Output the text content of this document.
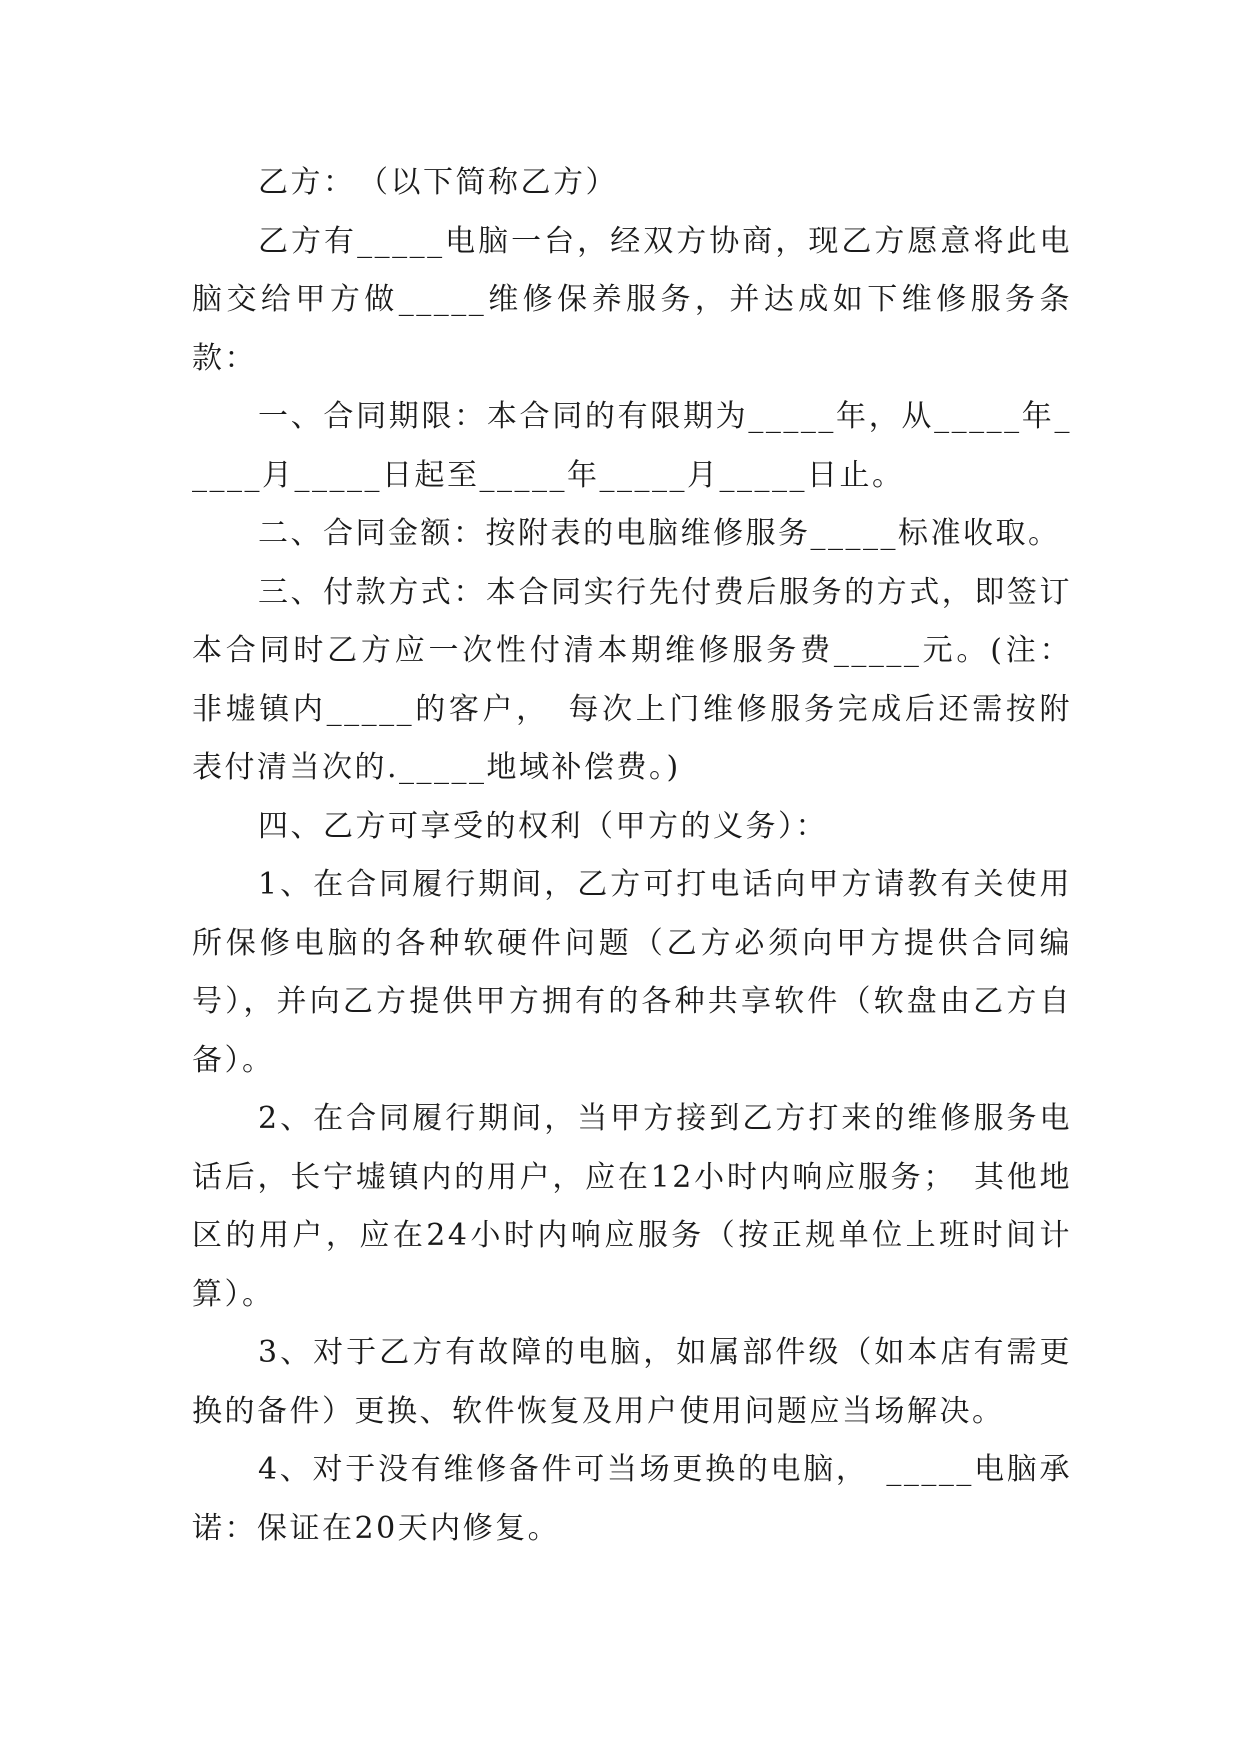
乙方：　（以下简称乙方）

乙方有_____电脑一台，经双方协商，现乙方愿意将此电脑交给甲方做_____维修保养服务，并达成如下维修服务条款：

一、合同期限：本合同的有限期为_____年，从_____年_____月_____日起至_____年_____月_____日止。

二、合同金额：按附表的电脑维修服务_____标准收取。

三、付款方式：本合同实行先付费后服务的方式，即签订本合同时乙方应一次性付清本期维修服务费_____元。(注：非墟镇内_____的客户，　每次上门维修服务完成后还需按附表付清当次的._____地域补偿费。)

四、乙方可享受的权利（甲方的义务）：

1、在合同履行期间，乙方可打电话向甲方请教有关使用所保修电脑的各种软硬件问题（乙方必须向甲方提供合同编号），并向乙方提供甲方拥有的各种共享软件（软盘由乙方自备）。

2、在合同履行期间，当甲方接到乙方打来的维修服务电话后，长宁墟镇内的用户，应在12小时内响应服务；　其他地区的用户，应在24小时内响应服务（按正规单位上班时间计算）。

3、对于乙方有故障的电脑，如属部件级（如本店有需更换的备件）更换、软件恢复及用户使用问题应当场解决。

4、对于没有维修备件可当场更换的电脑，　_____电脑承诺：保证在20天内修复。
